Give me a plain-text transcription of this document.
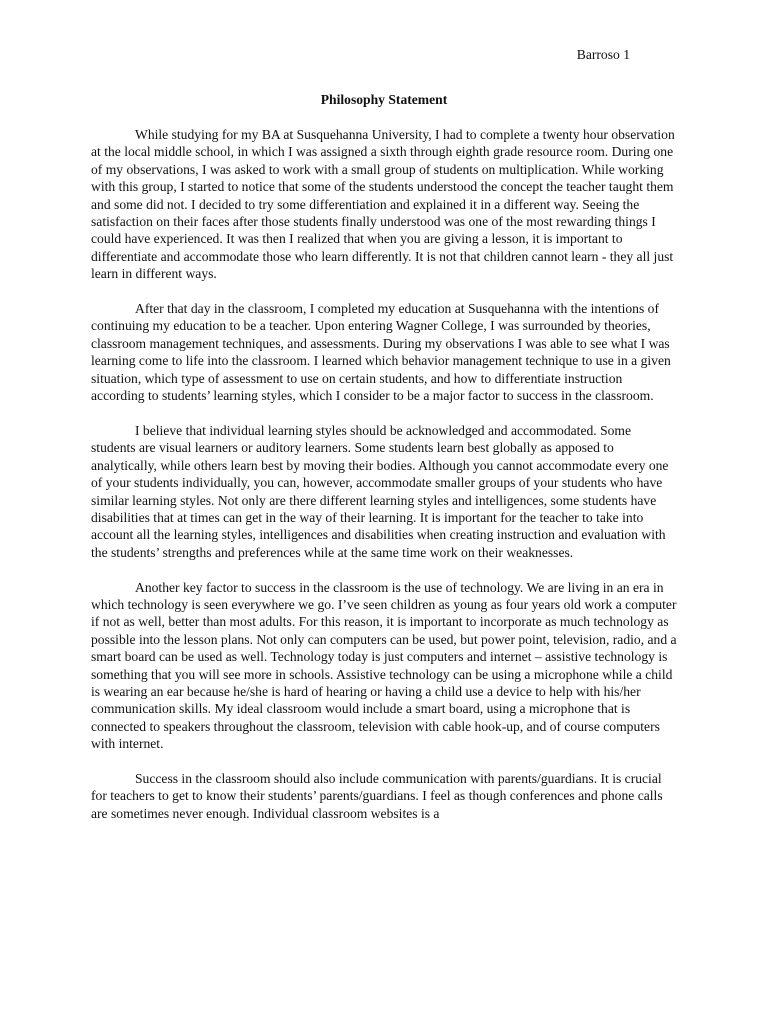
Barroso 1
Philosophy Statement

While studying for my BA at Susquehanna University, I had to complete a twenty hour observation at the local middle school, in which I was assigned a sixth through eighth grade resource room. During one of my observations, I was asked to work with a small group of students on multiplication. While working with this group, I started to notice that some of the students understood the concept the teacher taught them and some did not. I decided to try some differentiation and explained it in a different way. Seeing the satisfaction on their faces after those students finally understood was one of the most rewarding things I could have experienced. It was then I realized that when you are giving a lesson, it is important to differentiate and accommodate those who learn differently. It is not that children cannot learn - they all just learn in different ways.

After that day in the classroom, I completed my education at Susquehanna with the intentions of continuing my education to be a teacher. Upon entering Wagner College, I was surrounded by theories, classroom management techniques, and assessments. During my observations I was able to see what I was learning come to life into the classroom. I learned which behavior management technique to use in a given situation, which type of assessment to use on certain students, and how to differentiate instruction according to students’ learning styles, which I consider to be a major factor to success in the classroom.

I believe that individual learning styles should be acknowledged and accommodated. Some students are visual learners or auditory learners. Some students learn best globally as apposed to analytically, while others learn best by moving their bodies. Although you cannot accommodate every one of your students individually, you can, however, accommodate smaller groups of your students who have similar learning styles. Not only are there different learning styles and intelligences, some students have disabilities that at times can get in the way of their learning. It is important for the teacher to take into account all the learning styles, intelligences and disabilities when creating instruction and evaluation with the students’ strengths and preferences while at the same time work on their weaknesses.

Another key factor to success in the classroom is the use of technology. We are living in an era in which technology is seen everywhere we go. I’ve seen children as young as four years old work a computer if not as well, better than most adults. For this reason, it is important to incorporate as much technology as possible into the lesson plans. Not only can computers can be used, but power point, television, radio, and a smart board can be used as well. Technology today is just computers and internet – assistive technology is something that you will see more in schools. Assistive technology can be using a microphone while a child is wearing an ear because he/she is hard of hearing or having a child use a device to help with his/her communication skills. My ideal classroom would include a smart board, using a microphone that is connected to speakers throughout the classroom, television with cable hook-up, and of course computers with internet.

Success in the classroom should also include communication with parents/guardians. It is crucial for teachers to get to know their students’ parents/guardians. I feel as though conferences and phone calls are sometimes never enough. Individual classroom websites is a
